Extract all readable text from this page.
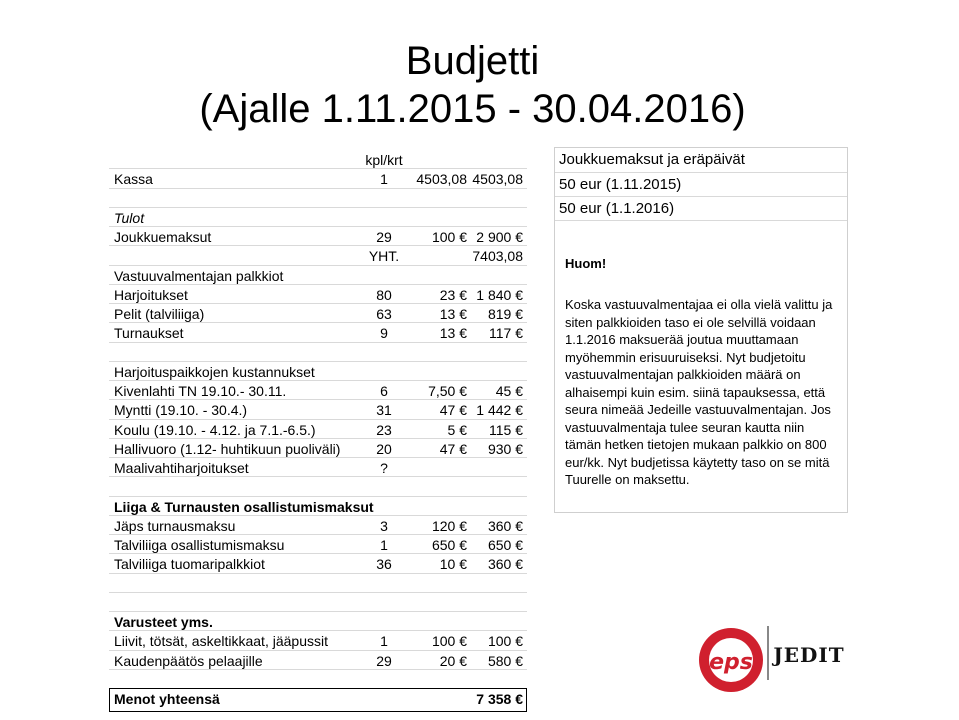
Budjetti
(Ajalle 1.11.2015 - 30.04.2016)
kpl/krt
Kassa	1	4503,08 4503,08
Tulot
Joukkuemaksut	29	100 € 2 900 €
YHT.	7403,08
Vastuuvalmentajan palkkiot
Harjoitukset	80	23 € 1 840 €
Pelit (talviliiga)	63	13 €	819 €
Turnaukset	9	13 €	117 €
Harjoituspaikkojen kustannukset
Kivenlahti TN 19.10.- 30.11.	6	7,50 €	45 €
Myntti (19.10. - 30.4.)	31	47 € 1 442 €
Koulu (19.10. - 4.12. ja 7.1.-6.5.)	23	5 €	115 €
Hallivuoro (1.12- huhtikuun puoliväli)	20	47 €	930 €
Maalivahtiharjoitukset	?
Liiga & Turnausten osallistumismaksut
Jäps turnausmaksu	3	120 €	360 €
Talviliiga osallistumismaksu	1	650 €	650 €
Talviliiga tuomaripalkkiot	36	10 €	360 €
Varusteet yms.
Liivit, tötsät, askeltikkaat, jääpussit	1	100 €	100 €
Kaudenpäätös pelaajille	29	20 €	580 €
Menot yhteensä	7 358 €
Joukkuemaksut ja eräpäivät
50 eur (1.11.2015)
50 eur (1.1.2016)
Huom!
Koska vastuuvalmentajaa ei olla vielä valittu ja siten palkkioiden taso ei ole selvillä voidaan 1.1.2016 maksuerää joutua muuttamaan myöhemmin erisuuruiseksi. Nyt budjetoitu vastuuvalmentajan palkkioiden määrä on alhaisempi kuin esim. siinä tapauksessa, että seura nimeää Jedeille vastuuvalmentajan. Jos vastuuvalmentaja tulee seuran kautta niin tämän hetken tietojen mukaan palkkio on 800 eur/kk. Nyt budjetissa käytetty taso on se mitä Tuurelle on maksettu.
eps JEDIT
